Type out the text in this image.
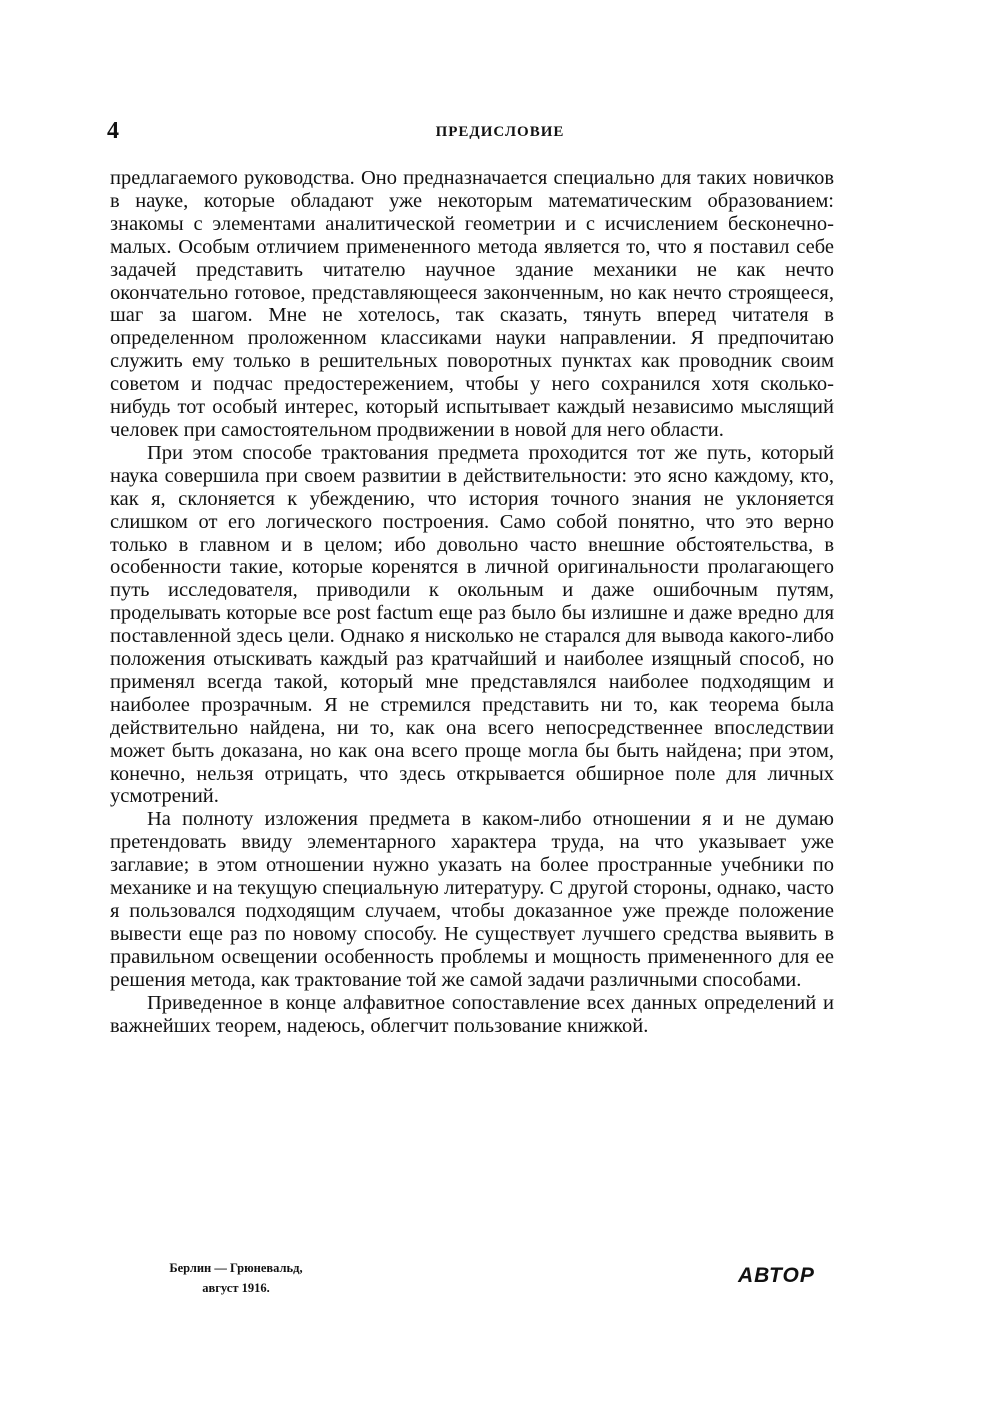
4	ПРЕДИСЛОВИЕ

предлагаемого руководства. Оно предназначается специально для таких новичков в науке, которые обладают уже некоторым математическим образованием: знакомы с элементами аналитической геометрии и с исчислением бесконечно-малых. Особым отличием примененного метода является то, что я поставил себе задачей представить читателю научное здание механики не как нечто окончательно готовое, представляющееся законченным, но как нечто строящееся, шаг за шагом. Мне не хотелось, так сказать, тянуть вперед читателя в определенном проложенном классиками науки направлении. Я предпочитаю служить ему только в решительных поворотных пунктах как проводник своим советом и подчас предостережением, чтобы у него сохранился хотя сколько-нибудь тот особый интерес, который испытывает каждый независимо мыслящий человек при самостоятельном продвижении в новой для него области.

При этом способе трактования предмета проходится тот же путь, который наука совершила при своем развитии в действительности: это ясно каждому, кто, как я, склоняется к убеждению, что история точного знания не уклоняется слишком от его логического построения. Само собой понятно, что это верно только в главном и в целом; ибо довольно часто внешние обстоятельства, в особенности такие, которые коренятся в личной оригинальности пролагающего путь исследователя, приводили к окольным и даже ошибочным путям, проделывать которые все post factum еще раз было бы излишне и даже вредно для поставленной здесь цели. Однако я нисколько не старался для вывода какого-либо положения отыскивать каждый раз кратчайший и наиболее изящный способ, но применял всегда такой, который мне представлялся наиболее подходящим и наиболее прозрачным. Я не стремился представить ни то, как теорема была действительно найдена, ни то, как она всего непосредственнее впоследствии может быть доказана, но как она всего проще могла бы быть найдена; при этом, конечно, нельзя отрицать, что здесь открывается обширное поле для личных усмотрений.

На полноту изложения предмета в каком-либо отношении я и не думаю претендовать ввиду элементарного характера труда, на что указывает уже заглавие; в этом отношении нужно указать на более пространные учебники по механике и на текущую специальную литературу. С другой стороны, однако, часто я пользовался подходящим случаем, чтобы доказанное уже прежде положение вывести еще раз по новому способу. Не существует лучшего средства выявить в правильном освещении особенность проблемы и мощность примененного для ее решения метода, как трактование той же самой задачи различными способами.

Приведенное в конце алфавитное сопоставление всех данных определений и важнейших теорем, надеюсь, облегчит пользование книжкой.

Берлин — Грюневальд,
август 1916.
АВТОР
